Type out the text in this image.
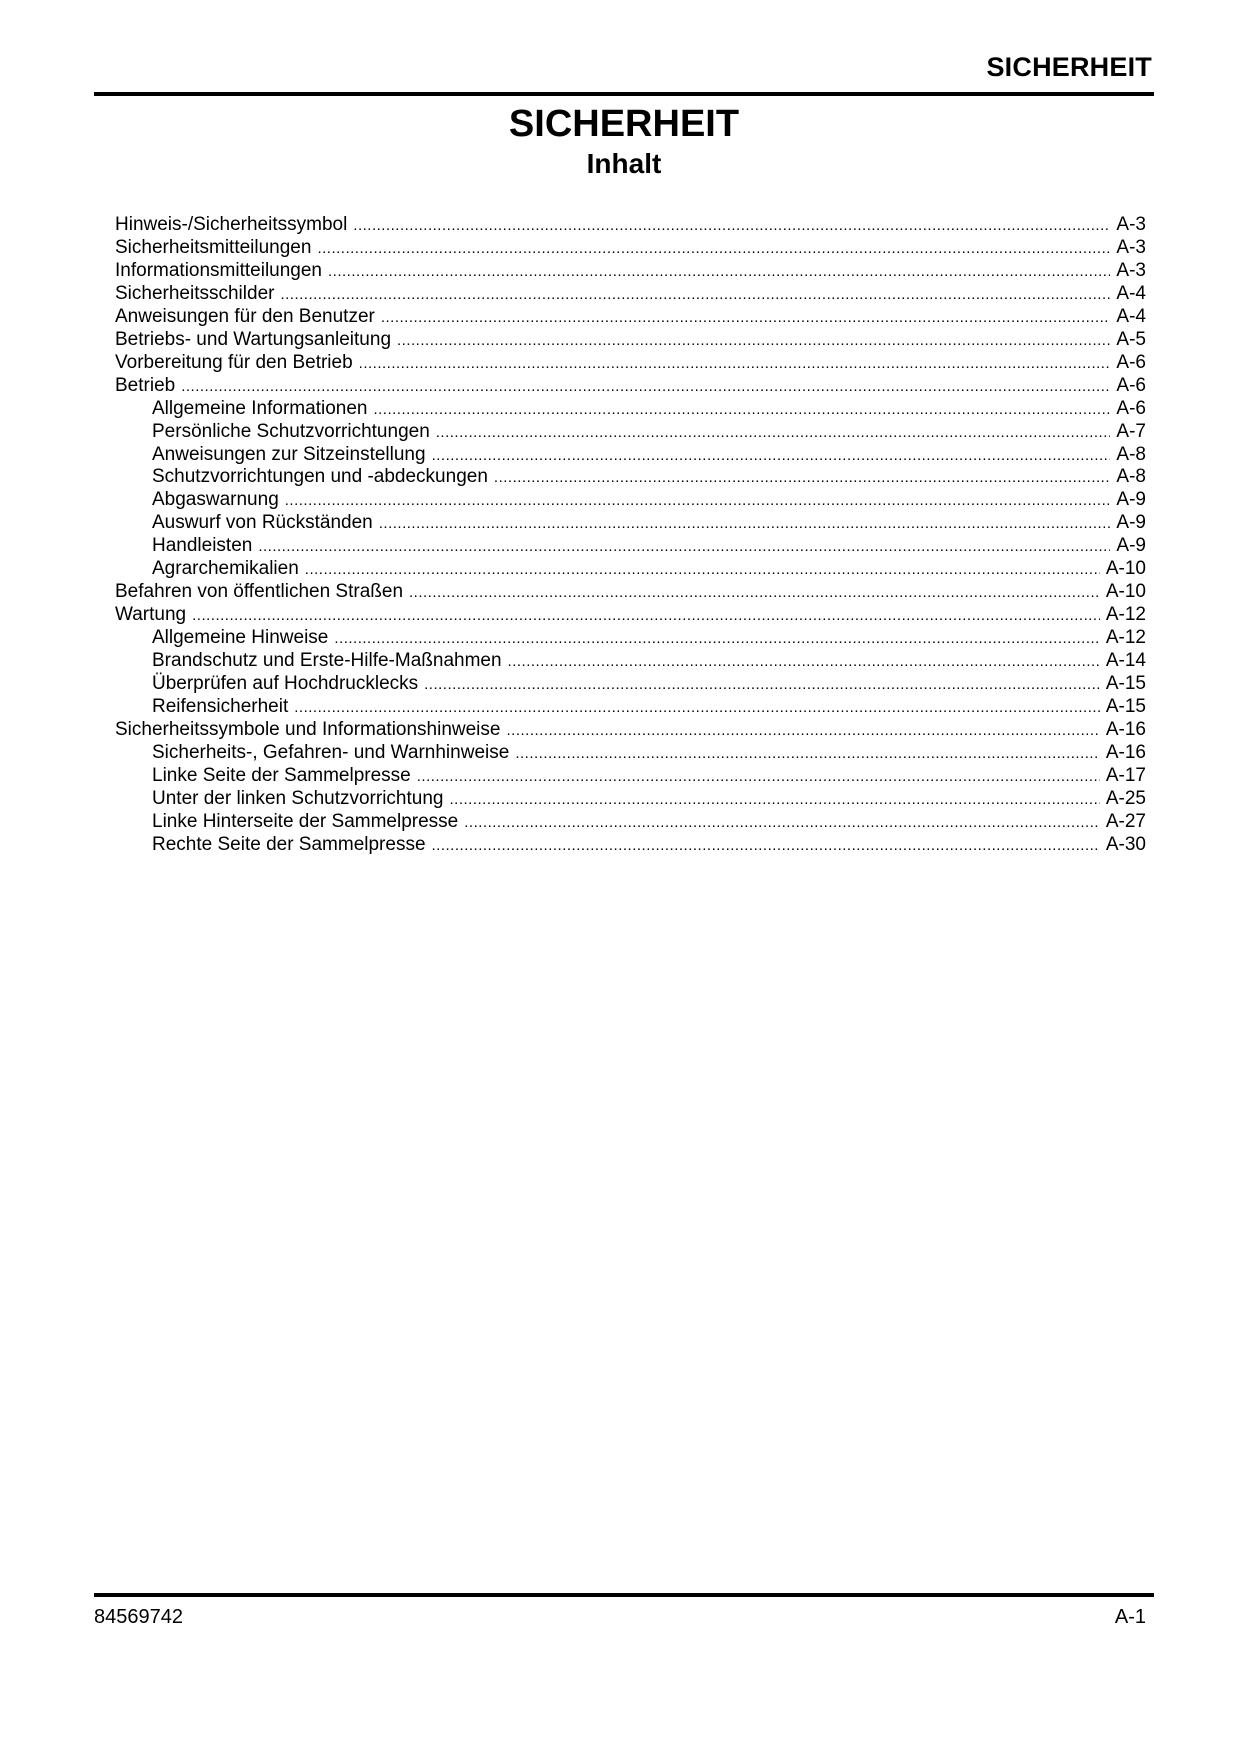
SICHERHEIT
SICHERHEIT
Inhalt
Hinweis-/Sicherheitssymbol .....	A-3
Sicherheitsmitteilungen .....	A-3
Informationsmitteilungen .....	A-3
Sicherheitsschilder .....	A-4
Anweisungen für den Benutzer .....	A-4
Betriebs- und Wartungsanleitung .....	A-5
Vorbereitung für den Betrieb .....	A-6
Betrieb .....	A-6
Allgemeine Informationen .....	A-6
Persönliche Schutzvorrichtungen .....	A-7
Anweisungen zur Sitzeinstellung .....	A-8
Schutzvorrichtungen und -abdeckungen .....	A-8
Abgaswarnung .....	A-9
Auswurf von Rückständen .....	A-9
Handleisten .....	A-9
Agrarchemikalien .....	A-10
Befahren von öffentlichen Straßen .....	A-10
Wartung .....	A-12
Allgemeine Hinweise .....	A-12
Brandschutz und Erste-Hilfe-Maßnahmen .....	A-14
Überprüfen auf Hochdrucklecks .....	A-15
Reifensicherheit .....	A-15
Sicherheitssymbole und Informationshinweise .....	A-16
Sicherheits-, Gefahren- und Warnhinweise .....	A-16
Linke Seite der Sammelpresse .....	A-17
Unter der linken Schutzvorrichtung .....	A-25
Linke Hinterseite der Sammelpresse .....	A-27
Rechte Seite der Sammelpresse .....	A-30
84569742	A-1
